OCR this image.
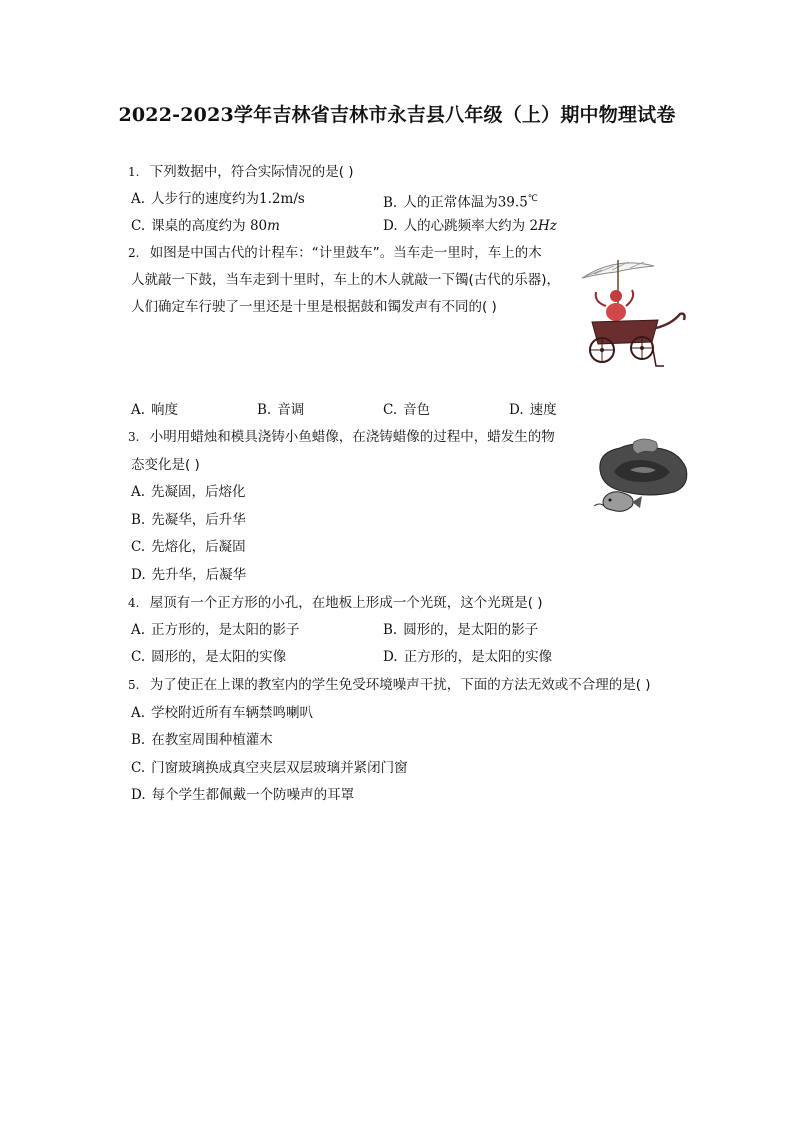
2022-2023学年吉林省吉林市永吉县八年级（上）期中物理试卷
1. 下列数据中，符合实际情况的是( )
A. 人步行的速度约为1.2m/s	B. 人的正常体温为39.5℃
C. 课桌的高度约为 80m	D. 人的心跳频率大约为 2Hz
2. 如图是中国古代的计程车：“计里鼓车”。当车走一里时，车上的木
人就敲一下鼓，当车走到十里时，车上的木人就敲一下镯(古代的乐器)，
人们确定车行驶了一里还是十里是根据鼓和镯发声有不同的( )
A. 响度	B. 音调	C. 音色	D. 速度
3. 小明用蜡烛和模具浇铸小鱼蜡像，在浇铸蜡像的过程中，蜡发生的物
态变化是( )
A. 先凝固，后熔化
B. 先凝华，后升华
C. 先熔化，后凝固
D. 先升华，后凝华
4. 屋顶有一个正方形的小孔，在地板上形成一个光斑，这个光斑是( )
A. 正方形的，是太阳的影子	B. 圆形的，是太阳的影子
C. 圆形的，是太阳的实像	D. 正方形的，是太阳的实像
5. 为了使正在上课的教室内的学生免受环境噪声干扰，下面的方法无效或不合理的是( )
A. 学校附近所有车辆禁鸣喇叭
B. 在教室周围种植灌木
C. 门窗玻璃换成真空夹层双层玻璃并紧闭门窗
D. 每个学生都佩戴一个防噪声的耳罩
